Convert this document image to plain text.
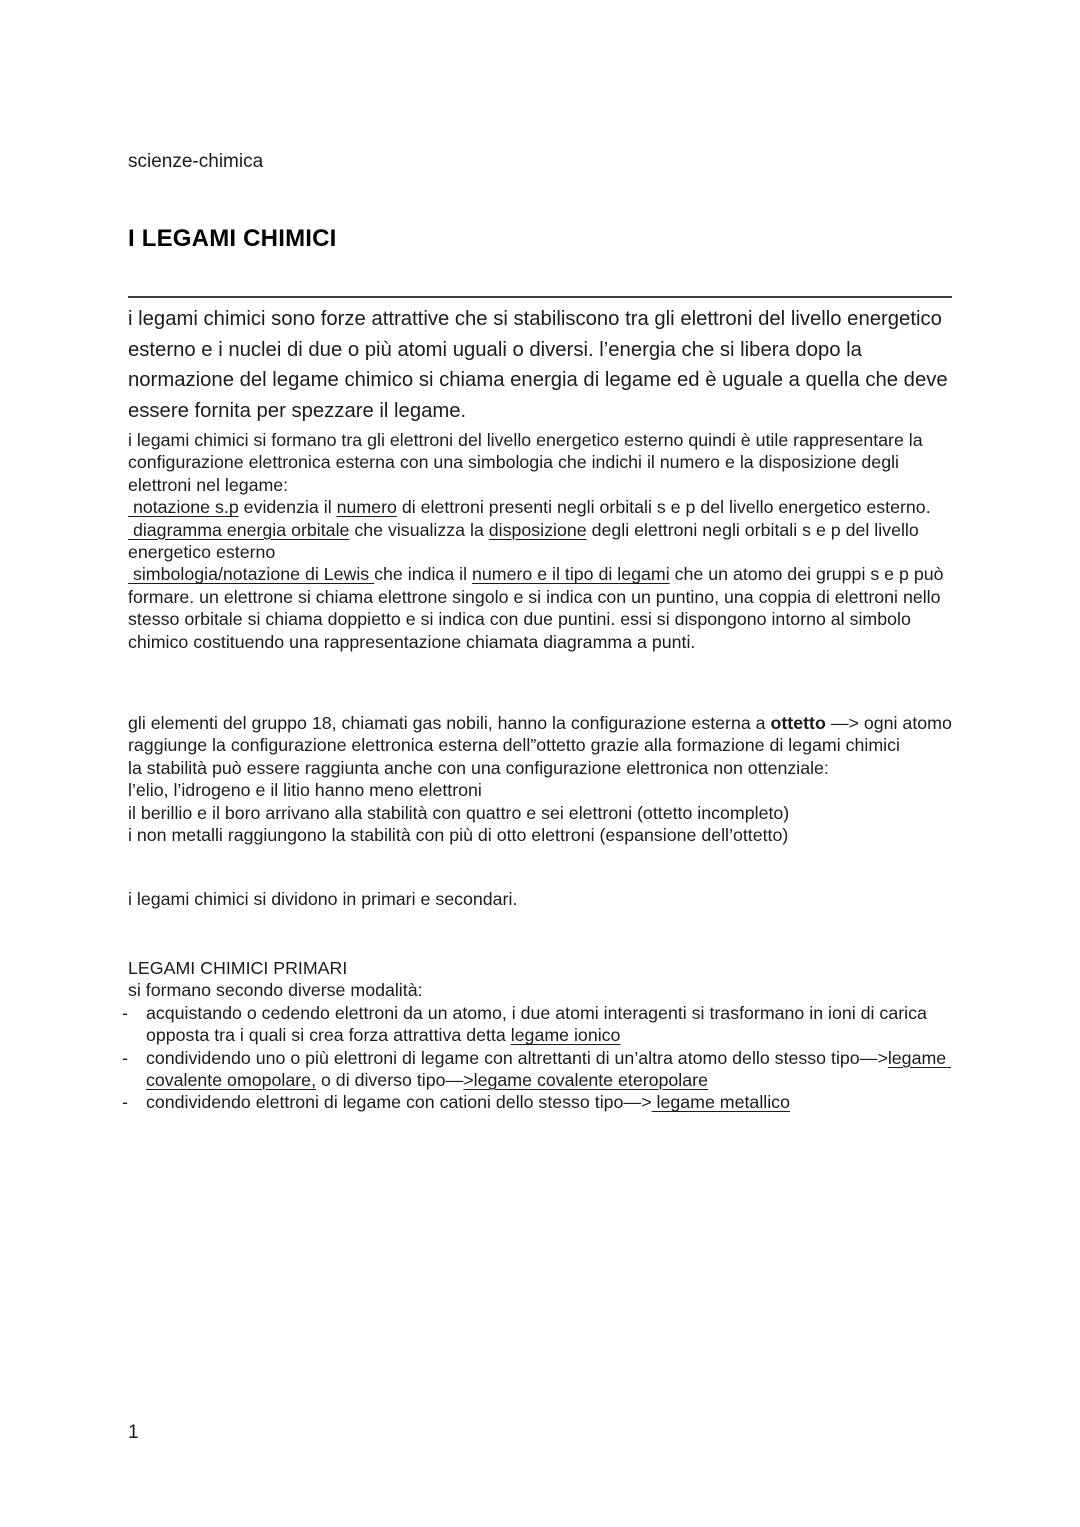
scienze-chimica
I LEGAMI CHIMICI

i legami chimici sono forze attrattive che si stabiliscono tra gli elettroni del livello energetico esterno e i nuclei di due o più atomi uguali o diversi. l’energia che si libera dopo la normazione del legame chimico si chiama energia di legame ed è uguale a quella che deve essere fornita per spezzare il legame.

i legami chimici si formano tra gli elettroni del livello energetico esterno quindi è utile rappresentare la configurazione elettronica esterna con una simbologia che indichi il numero e la disposizione degli elettroni nel legame:

notazione s.p evidenzia il numero di elettroni presenti negli orbitali s e p del livello energetico esterno.

diagramma energia orbitale che visualizza la disposizione degli elettroni negli orbitali s e p del livello energetico esterno

simbologia/notazione di Lewis che indica il numero e il tipo di legami che un atomo dei gruppi s e p può formare. un elettrone si chiama elettrone singolo e si indica con un puntino, una coppia di elettroni nello stesso orbitale si chiama doppietto e si indica con due puntini. essi si dispongono intorno al simbolo chimico costituendo una rappresentazione chiamata diagramma a punti.

gli elementi del gruppo 18, chiamati gas nobili, hanno la configurazione esterna a ottetto —> ogni atomo raggiunge la configurazione elettronica esterna dell”ottetto grazie alla formazione di legami chimici

la stabilità può essere raggiunta anche con una configurazione elettronica non ottenziale:

l’elio, l’idrogeno e il litio hanno meno elettroni

il berillio e il boro arrivano alla stabilità con quattro e sei elettroni (ottetto incompleto)

i non metalli raggiungono la stabilità con più di otto elettroni (espansione dell’ottetto)

i legami chimici si dividono in primari e secondari.

LEGAMI CHIMICI PRIMARI

si formano secondo diverse modalità:

- acquistando o cedendo elettroni da un atomo, i due atomi interagenti si trasformano in ioni di carica opposta tra i quali si crea forza attrattiva detta legame ionico

- condividendo uno o più elettroni di legame con altrettanti di un’altra atomo dello stesso tipo—>legame covalente omopolare, o di diverso tipo—>legame covalente eteropolare

- condividendo elettroni di legame con cationi dello stesso tipo—> legame metallico

1
